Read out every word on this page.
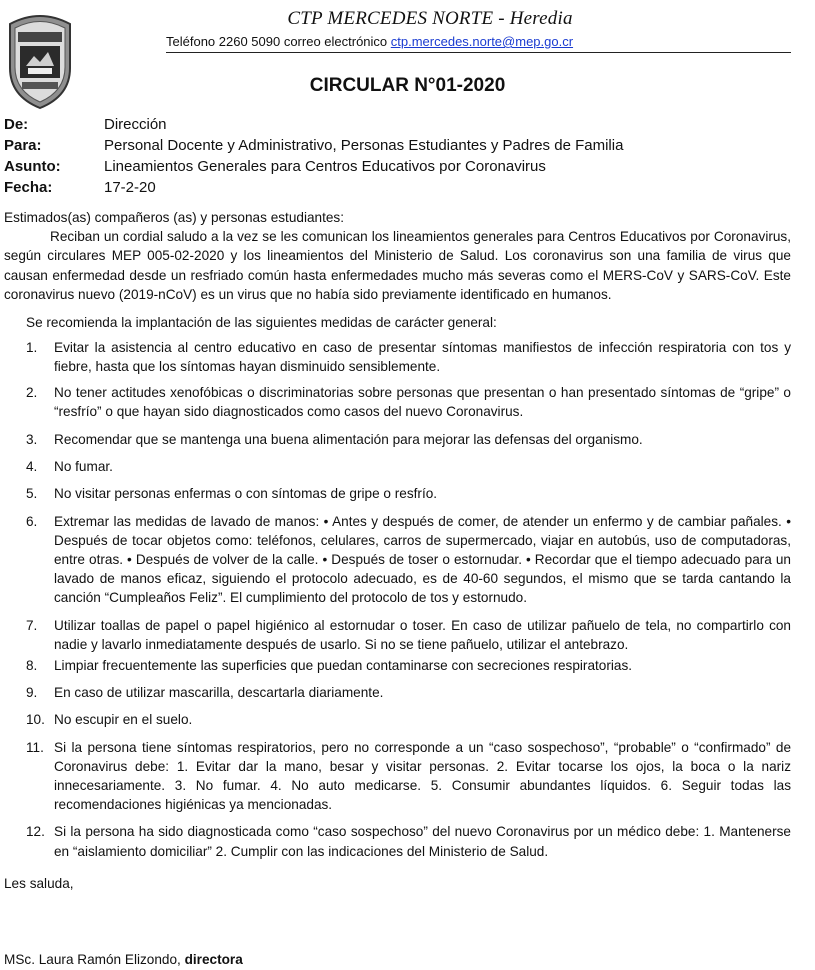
CTP MERCEDES NORTE - Heredia
Teléfono 2260 5090 correo electrónico ctp.mercedes.norte@mep.go.cr
CIRCULAR N°01-2020
De:	Dirección
Para:	Personal Docente y Administrativo, Personas Estudiantes y Padres de Familia
Asunto:	Lineamientos Generales para Centros Educativos por Coronavirus
Fecha:	17-2-20

Estimados(as) compañeros (as) y personas estudiantes:

Reciban un cordial saludo a la vez se les comunican los lineamientos generales para Centros Educativos por Coronavirus, según circulares MEP 005-02-2020 y los lineamientos del Ministerio de Salud. Los coronavirus son una familia de virus que causan enfermedad desde un resfriado común hasta enfermedades mucho más severas como el MERS-CoV y SARS-CoV. Este coronavirus nuevo (2019-nCoV) es un virus que no había sido previamente identificado en humanos.

Se recomienda la implantación de las siguientes medidas de carácter general:

1.	Evitar la asistencia al centro educativo en caso de presentar síntomas manifiestos de infección respiratoria con tos y fiebre, hasta que los síntomas hayan disminuido sensiblemente.
2.	No tener actitudes xenofóbicas o discriminatorias sobre personas que presentan o han presentado síntomas de “gripe” o “resfrío” o que hayan sido diagnosticados como casos del nuevo Coronavirus.
3.	Recomendar que se mantenga una buena alimentación para mejorar las defensas del organismo.
4.	No fumar.
5.	No visitar personas enfermas o con síntomas de gripe o resfrío.
6.	Extremar las medidas de lavado de manos: • Antes y después de comer, de atender un enfermo y de cambiar pañales. • Después de tocar objetos como: teléfonos, celulares, carros de supermercado, viajar en autobús, uso de computadoras, entre otras. • Después de volver de la calle. • Después de toser o estornudar. • Recordar que el tiempo adecuado para un lavado de manos eficaz, siguiendo el protocolo adecuado, es de 40-60 segundos, el mismo que se tarda cantando la canción “Cumpleaños Feliz”. El cumplimiento del protocolo de tos y estornudo.
7.	Utilizar toallas de papel o papel higiénico al estornudar o toser. En caso de utilizar pañuelo de tela, no compartirlo con nadie y lavarlo inmediatamente después de usarlo. Si no se tiene pañuelo, utilizar el antebrazo.
8.	Limpiar frecuentemente las superficies que puedan contaminarse con secreciones respiratorias.
9.	En caso de utilizar mascarilla, descartarla diariamente.
10. No escupir en el suelo.
11. Si la persona tiene síntomas respiratorios, pero no corresponde a un “caso sospechoso”, “probable” o “confirmado” de Coronavirus debe: 1. Evitar dar la mano, besar y visitar personas. 2. Evitar tocarse los ojos, la boca o la nariz innecesariamente. 3. No fumar. 4. No auto medicarse. 5. Consumir abundantes líquidos. 6. Seguir todas las recomendaciones higiénicas ya mencionadas.
12. Si la persona ha sido diagnosticada como “caso sospechoso” del nuevo Coronavirus por un médico debe: 1. Mantenerse en “aislamiento domiciliar” 2. Cumplir con las indicaciones del Ministerio de Salud.
Les saluda,
MSc. Laura Ramón Elizondo, directora
